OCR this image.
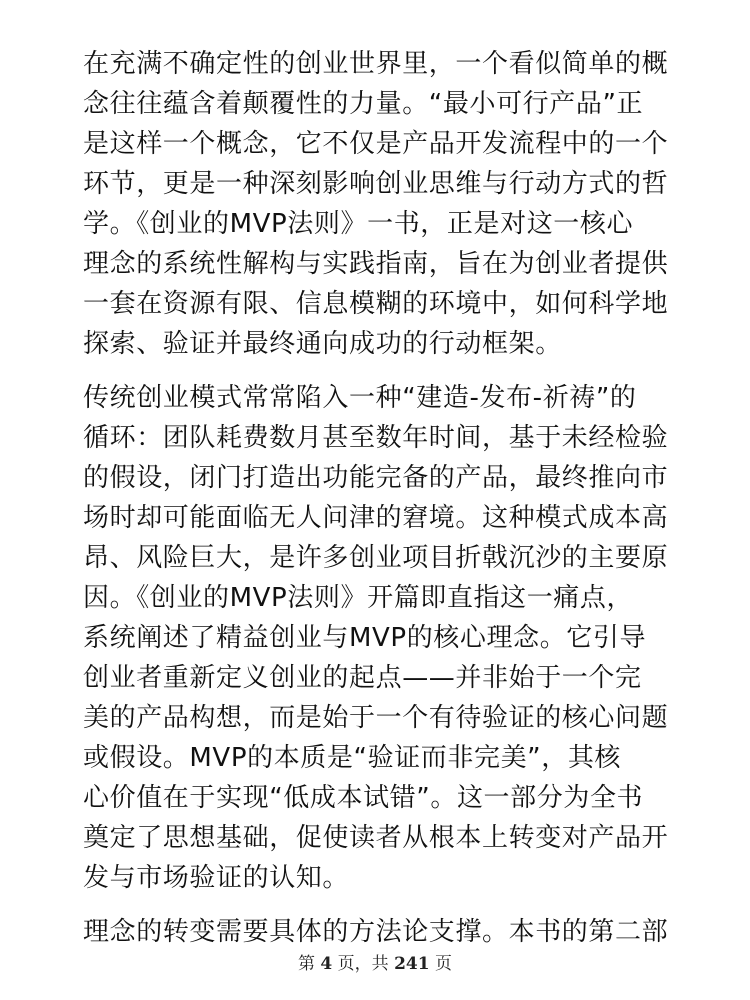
在充满不确定性的创业世界里，一个看似简单的概
念往往蕴含着颠覆性的力量。“最小可行产品”正
是这样一个概念，它不仅是产品开发流程中的一个
环节，更是一种深刻影响创业思维与行动方式的哲
学。《创业的MVP法则》一书，正是对这一核心
理念的系统性解构与实践指南，旨在为创业者提供
一套在资源有限、信息模糊的环境中，如何科学地
探索、验证并最终通向成功的行动框架。
传统创业模式常常陷入一种“建造-发布-祈祷”的
循环：团队耗费数月甚至数年时间，基于未经检验
的假设，闭门打造出功能完备的产品，最终推向市
场时却可能面临无人问津的窘境。这种模式成本高
昂、风险巨大，是许多创业项目折戟沉沙的主要原
因。《创业的MVP法则》开篇即直指这一痛点，
系统阐述了精益创业与MVP的核心理念。它引导
创业者重新定义创业的起点——并非始于一个完
美的产品构想，而是始于一个有待验证的核心问题
或假设。MVP的本质是“验证而非完美”，其核
心价值在于实现“低成本试错”。这一部分为全书
奠定了思想基础，促使读者从根本上转变对产品开
发与市场验证的认知。
理念的转变需要具体的方法论支撑。本书的第二部
第 4 页，共 241 页
